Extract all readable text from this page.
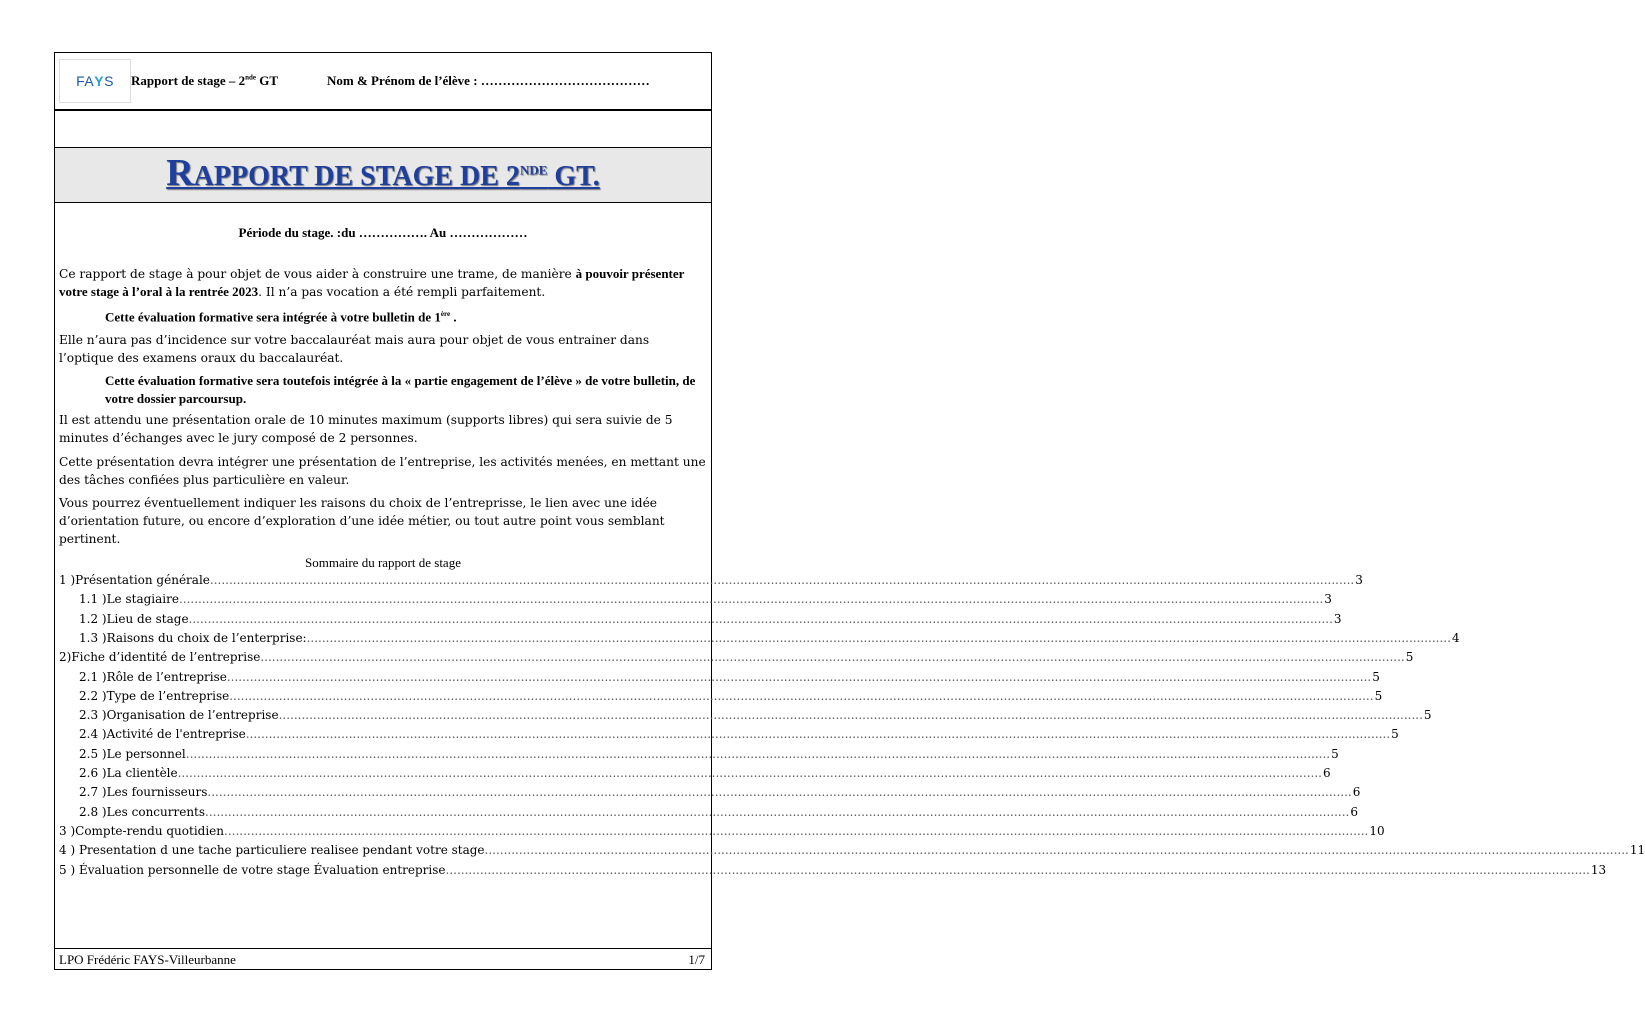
FAYS Rapport de stage – 2nde GT	Nom & Prénom de l’élève : …………………………………
RAPPORT DE STAGE DE 2NDE GT.
Période du stage. :du ……………. Au ………………
Ce rapport de stage à pour objet de vous aider à construire une trame, de manière à pouvoir présenter votre stage à l’oral à la rentrée 2023. Il n’a pas vocation a été rempli parfaitement.
Cette évaluation formative sera intégrée à votre bulletin de 1ère .
Elle n’aura pas d’incidence sur votre baccalauréat mais aura pour objet de vous entrainer dans l’optique des examens oraux du baccalauréat.
Cette évaluation formative sera toutefois intégrée à la « partie engagement de l’élève » de votre bulletin, de votre dossier parcoursup.
Il est attendu une présentation orale de 10 minutes maximum (supports libres) qui sera suivie de 5 minutes d’échanges avec le jury composé de 2 personnes.
Cette présentation devra intégrer une présentation de l’entreprise, les activités menées, en mettant une des tâches confiées plus particulière en valeur.
Vous pourrez éventuellement indiquer les raisons du choix de l’entreprisse, le lien avec une idée d’orientation future, ou encore d’exploration d’une idée métier, ou tout autre point vous semblant pertinent.
Sommaire du rapport de stage
1 )Présentation générale ............................................................................................................................................................................................................................................................................................................ 3
1.1 )Le stagiaire ............................................................................................................................................................................................................................................................................................................ 3
1.2 )Lieu de stage ............................................................................................................................................................................................................................................................................................................ 3
1.3 )Raisons du choix de l’enterprise: ............................................................................................................................................................................................................................................................................................................ 4
2)Fiche d’identité de l’entreprise ............................................................................................................................................................................................................................................................................................................ 5
2.1 )Rôle de l’entreprise ............................................................................................................................................................................................................................................................................................................ 5
2.2 )Type de l’entreprise ............................................................................................................................................................................................................................................................................................................ 5
2.3 )Organisation de l’entreprise ............................................................................................................................................................................................................................................................................................................ 5
2.4 )Activité de l'entreprise ............................................................................................................................................................................................................................................................................................................ 5
2.5 )Le personnel ............................................................................................................................................................................................................................................................................................................ 5
2.6 )La clientèle ............................................................................................................................................................................................................................................................................................................ 6
2.7 )Les fournisseurs ............................................................................................................................................................................................................................................................................................................ 6
2.8 )Les concurrents ............................................................................................................................................................................................................................................................................................................ 6
3 )Compte-rendu quotidien ............................................................................................................................................................................................................................................................................................................ 10
4 ) Presentation d une tache particuliere realisee pendant votre stage ............................................................................................................................................................................................................................................................................................................ 11
5 ) Évaluation personnelle de votre stage Évaluation entreprise ............................................................................................................................................................................................................................................................................................................ 13
LPO Frédéric FAYS-Villeurbanne	1/7
